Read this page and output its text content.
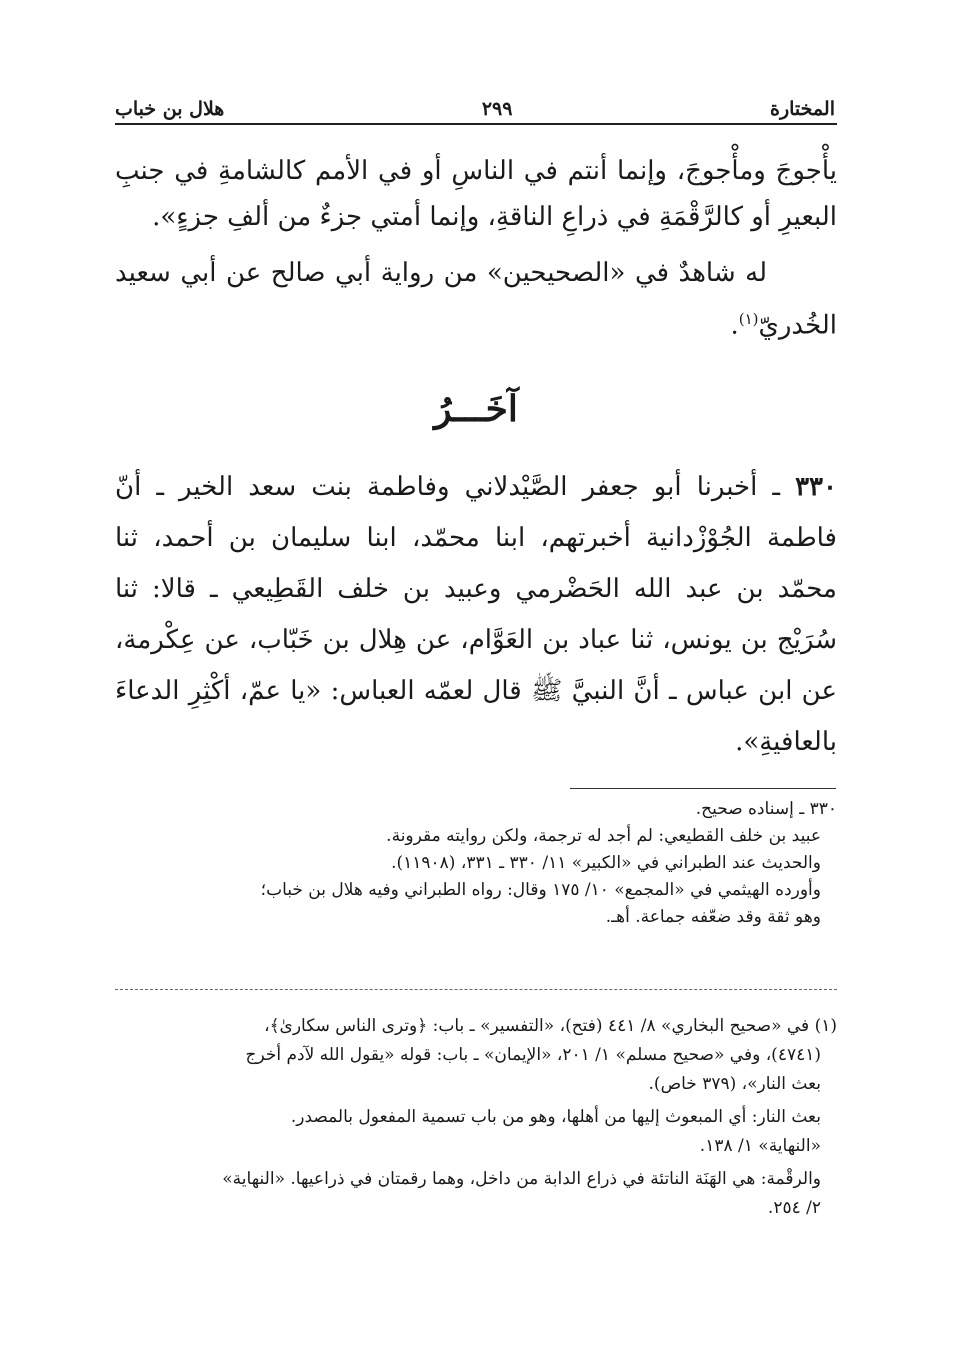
المختارة
٢٩٩
هلال بن خباب

يأْجوجَ ومأْجوجَ، وإنما أنتم في الناسِ أو في الأمم كالشامةِ في جنبِ البعيرِ أو كالرَّقْمَةِ في ذراعِ الناقةِ، وإنما أمتي جزءٌ من ألفِ جزءٍ».

له شاهدٌ في «الصحيحين» من رواية أبي صالح عن أبي سعيد الخُدريّ$^{(١)}$.

آخَـــرُ

٣٣٠ ـ أخبرنا أبو جعفر الصَّيْدلاني وفاطمة بنت سعد الخير ـ أنّ فاطمة الجُوْزْدانية أخبرتهم، ابنا محمّد، ابنا سليمان بن أحمد، ثنا محمّد بن عبد الله الحَضْرمي وعبيد بن خلف القَطِيعي ـ قالا: ثنا سُرَيْج بن يونس، ثنا عباد بن العَوَّام، عن هِلال بن خَبّاب، عن عِكْرمة، عن ابن عباس ـ أنَّ النبيَّ ﷺ قال لعمّه العباس: «يا عمّ، أكْثِرِ الدعاءَ بالعافيةِ».

٣٣٠ ـ إسناده صحيح.

عبيد بن خلف القطيعي: لم أجد له ترجمة، ولكن روايته مقرونة.

والحديث عند الطبراني في «الكبير» ١١/ ٣٣٠ ـ ٣٣١، (١١٩٠٨).

وأورده الهيثمي في «المجمع» ١٠/ ١٧٥ وقال: رواه الطبراني وفيه هلال بن خباب؛

وهو ثقة وقد ضعّفه جماعة. أهـ.

(١) في «صحيح البخاري» ٨/ ٤٤١ (فتح)، «التفسير» ـ باب: ﴿وترى الناس سكارىٰ﴾،

(٤٧٤١)، وفي «صحيح مسلم» ١/ ٢٠١، «الإيمان» ـ باب: قوله «يقول الله لآدم أخرج

بعث النار»، (٣٧٩ خاص).

بعث النار: أي المبعوث إليها من أهلها، وهو من باب تسمية المفعول بالمصدر.

«النهاية» ١/ ١٣٨.

والرقْمة: هي الهَنَة الناتئة في ذراع الدابة من داخل، وهما رقمتان في ذراعيها. «النهاية»

٢/ ٢٥٤.
